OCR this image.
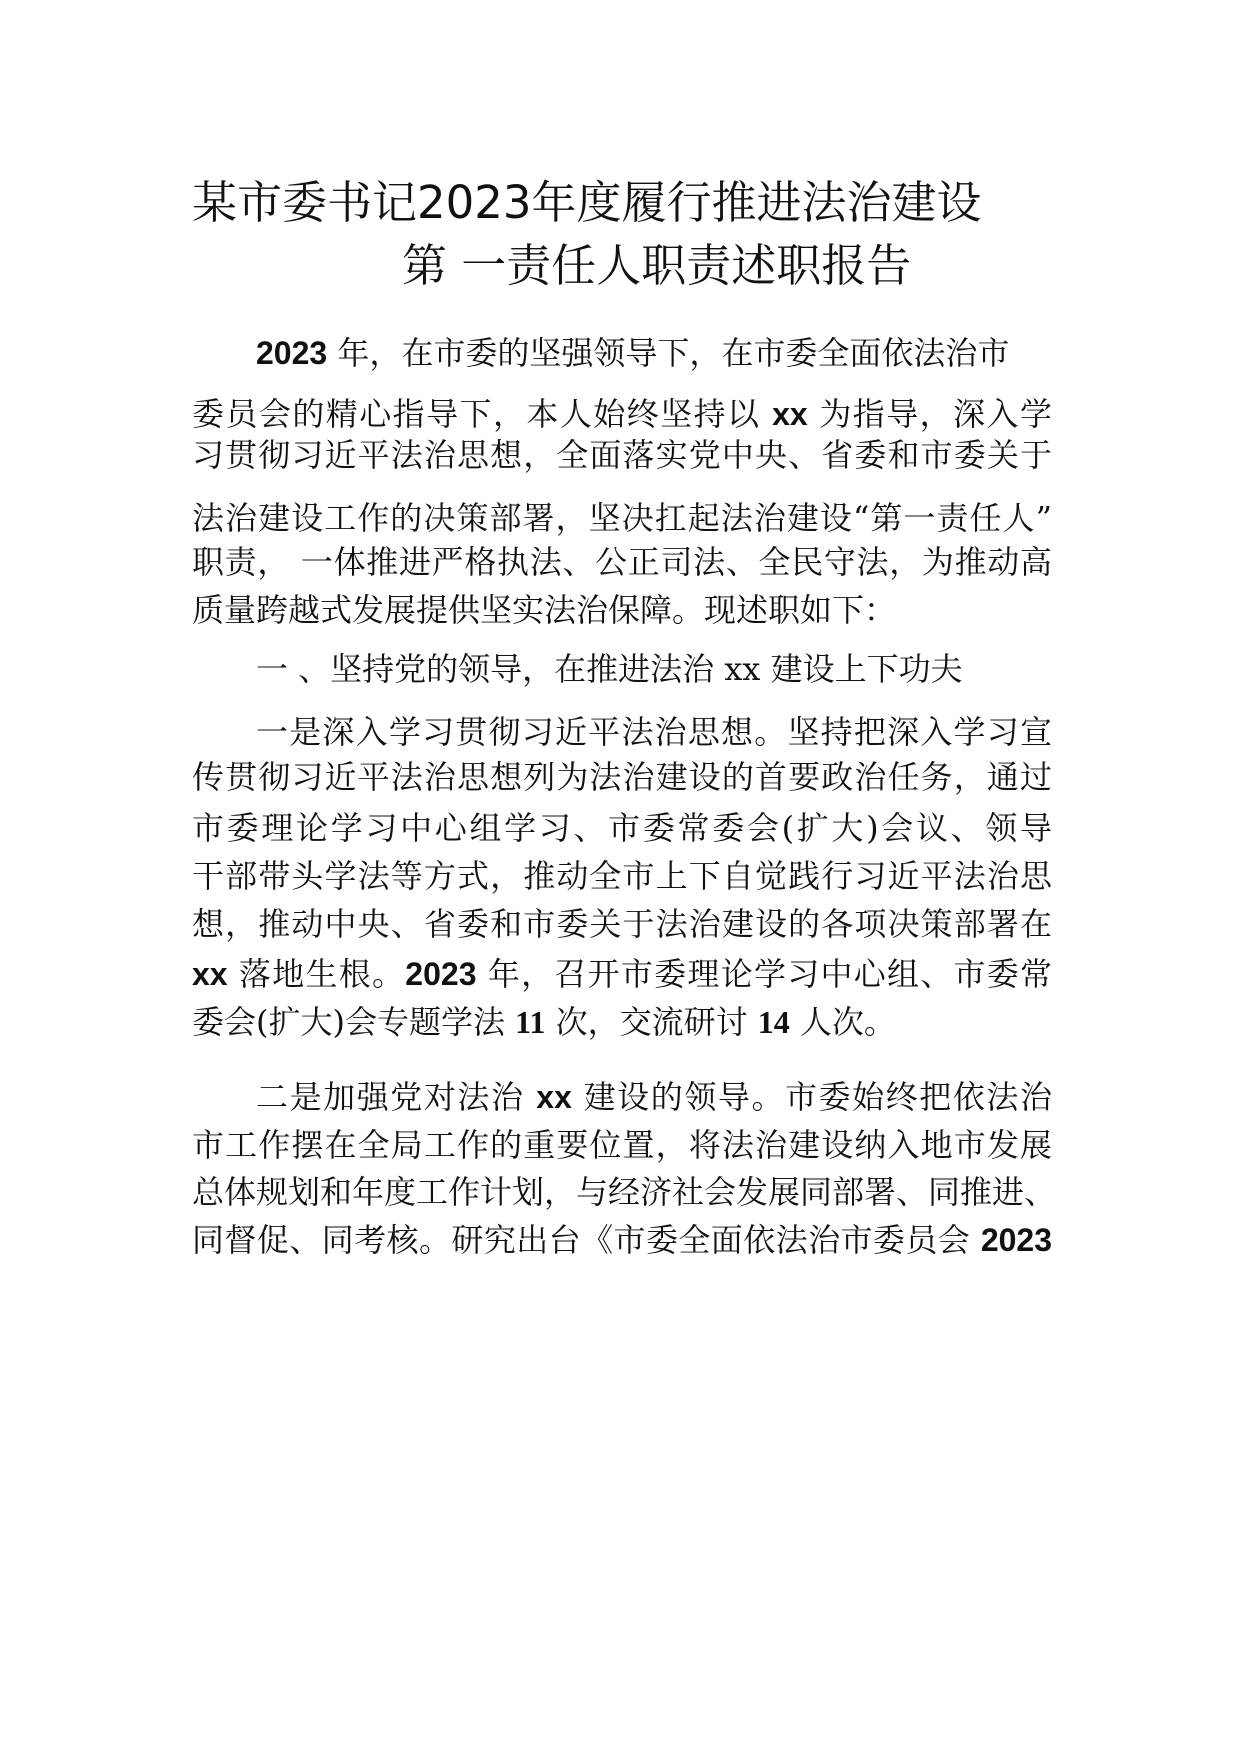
某市委书记2023年度履行推进法治建设
第 一责任人职责述职报告
2023 年，在市委的坚强领导下，在市委全面依法治市
委员会的精心指导下，本人始终坚持以 xx 为指导，深入学
习贯彻习近平法治思想，全面落实党中央、省委和市委关于
法治建设工作的决策部署，坚决扛起法治建设“第一责任人”
职责， 一体推进严格执法、公正司法、全民守法，为推动高
质量跨越式发展提供坚实法治保障。现述职如下：
一 、坚持党的领导，在推进法治 xx 建设上下功夫
一是深入学习贯彻习近平法治思想。坚持把深入学习宣
传贯彻习近平法治思想列为法治建设的首要政治任务，通过
市委理论学习中心组学习、市委常委会(扩大)会议、领导
干部带头学法等方式，推动全市上下自觉践行习近平法治思
想，推动中央、省委和市委关于法治建设的各项决策部署在
xx 落地生根。2023 年，召开市委理论学习中心组、市委常
委会(扩大)会专题学法 11 次，交流研讨 14 人次。
二是加强党对法治 xx 建设的领导。市委始终把依法治
市工作摆在全局工作的重要位置，将法治建设纳入地市发展
总体规划和年度工作计划，与经济社会发展同部署、同推进、
同督促、同考核。研究出台《市委全面依法治市委员会 2023
